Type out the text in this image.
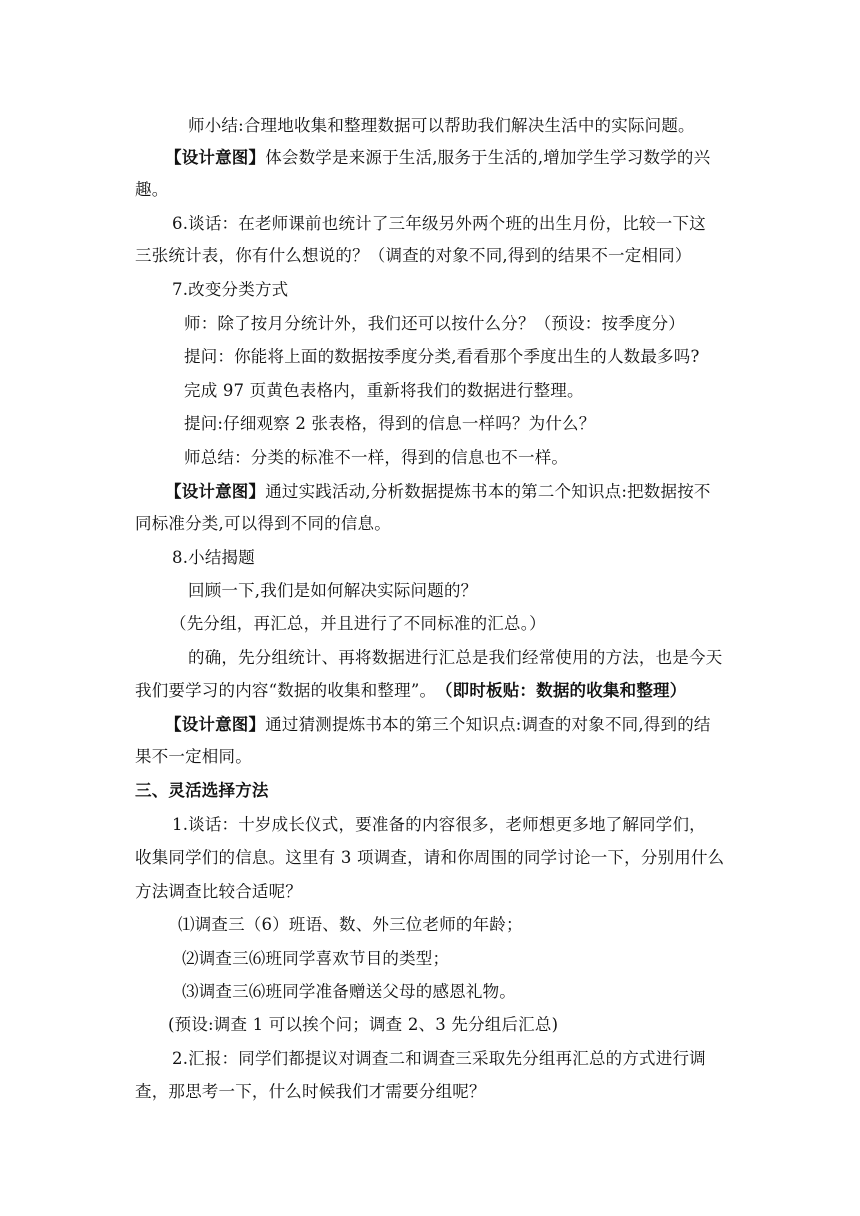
师小结:合理地收集和整理数据可以帮助我们解决生活中的实际问题。
【设计意图】体会数学是来源于生活,服务于生活的,增加学生学习数学的兴
趣。
6.谈话：在老师课前也统计了三年级另外两个班的出生月份，比较一下这
三张统计表，你有什么想说的？（调查的对象不同,得到的结果不一定相同）
7.改变分类方式
师：除了按月分统计外，我们还可以按什么分？（预设：按季度分）
提问：你能将上面的数据按季度分类,看看那个季度出生的人数最多吗?
完成 97 页黄色表格内，重新将我们的数据进行整理。
提问:仔细观察 2 张表格，得到的信息一样吗？为什么？
师总结：分类的标准不一样，得到的信息也不一样。
【设计意图】通过实践活动,分析数据提炼书本的第二个知识点:把数据按不
同标准分类,可以得到不同的信息。
8.小结揭题
回顾一下,我们是如何解决实际问题的？
（先分组，再汇总，并且进行了不同标准的汇总。）
的确，先分组统计、再将数据进行汇总是我们经常使用的方法，也是今天
我们要学习的内容“数据的收集和整理”。 （即时板贴：数据的收集和整理）
【设计意图】通过猜测提炼书本的第三个知识点:调查的对象不同,得到的结
果不一定相同。
三、灵活选择方法
1.谈话：十岁成长仪式，要准备的内容很多，老师想更多地了解同学们，
收集同学们的信息。这里有 3 项调查，请和你周围的同学讨论一下，分别用什么
方法调查比较合适呢？
⑴调查三（6）班语、数、外三位老师的年龄；
⑵调查三⑹班同学喜欢节目的类型；
⑶调查三⑹班同学准备赠送父母的感恩礼物。
(预设:调查 1 可以挨个问；调查 2、3 先分组后汇总)
2.汇报：同学们都提议对调查二和调查三采取先分组再汇总的方式进行调
查，那思考一下，什么时候我们才需要分组呢？
